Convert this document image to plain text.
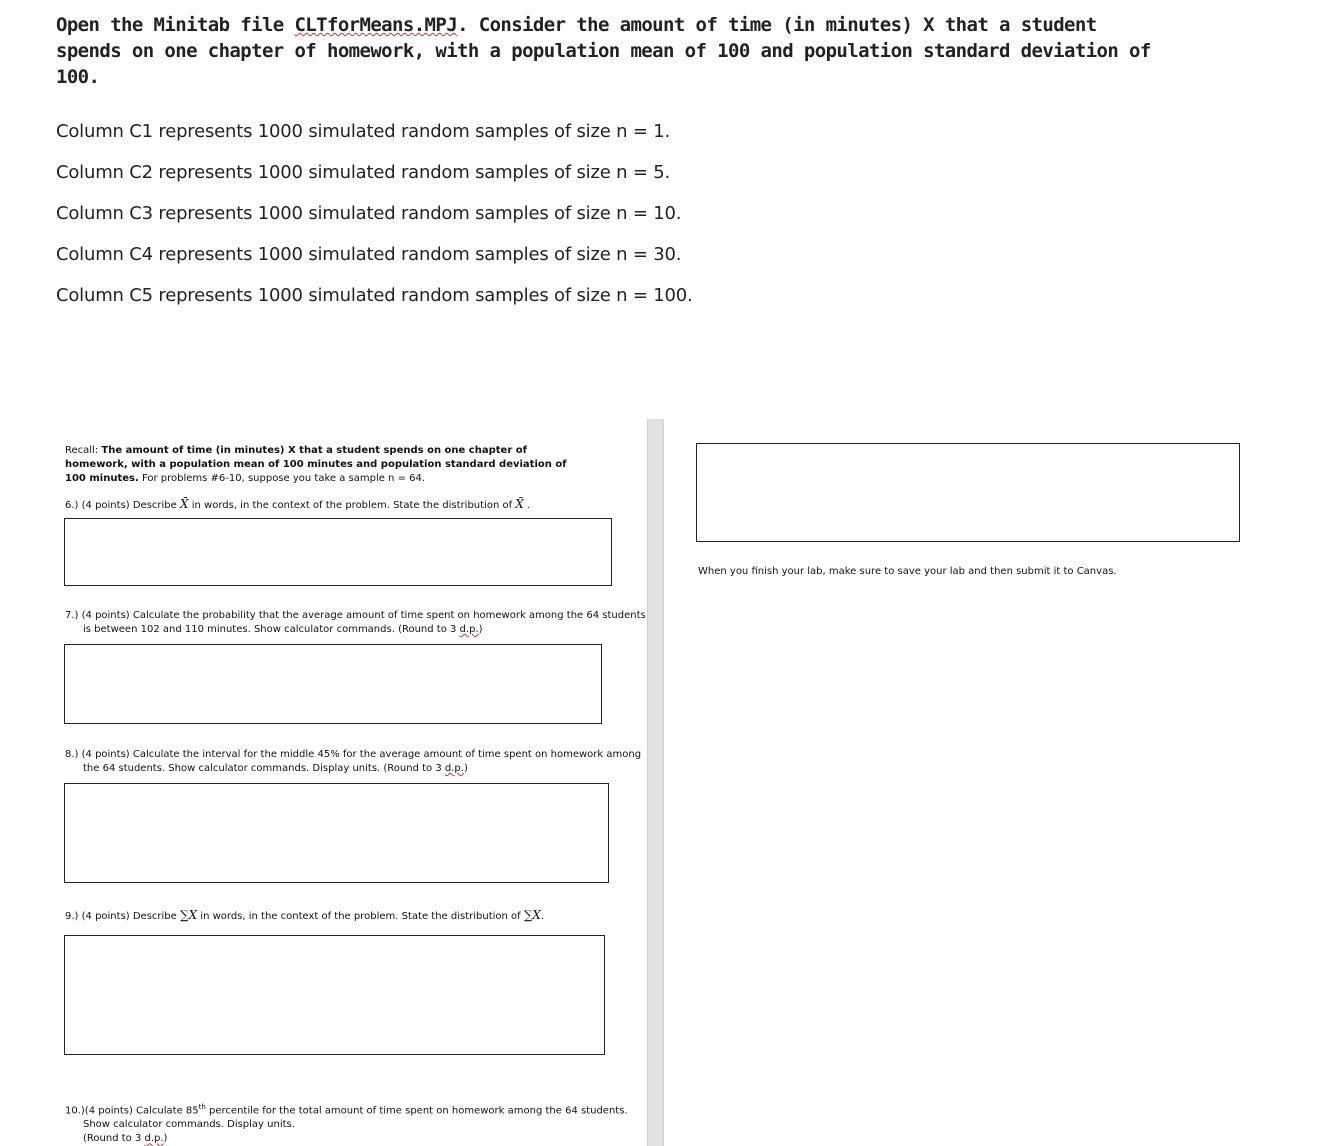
Open the Minitab file CLTforMeans.MPJ. Consider the amount of time (in minutes) X that a student spends on one chapter of homework, with a population mean of 100 and population standard deviation of 100.
Column C1 represents 1000 simulated random samples of size n = 1.
Column C2 represents 1000 simulated random samples of size n = 5.
Column C3 represents 1000 simulated random samples of size n = 10.
Column C4 represents 1000 simulated random samples of size n = 30.
Column C5 represents 1000 simulated random samples of size n = 100.
Recall: The amount of time (in minutes) X that a student spends on one chapter of homework, with a population mean of 100 minutes and population standard deviation of 100 minutes. For problems #6-10, suppose you take a sample n = 64.
6.) (4 points) Describe X̄ in words, in the context of the problem. State the distribution of X̄ .
7.) (4 points) Calculate the probability that the average amount of time spent on homework among the 64 students
is between 102 and 110 minutes. Show calculator commands. (Round to 3 d.p.)
8.) (4 points) Calculate the interval for the middle 45% for the average amount of time spent on homework among
the 64 students. Show calculator commands. Display units. (Round to 3 d.p.)
9.) (4 points) Describe ∑X in words, in the context of the problem. State the distribution of ∑X.
10.)(4 points) Calculate 85th percentile for the total amount of time spent on homework among the 64 students.
Show calculator commands. Display units.
(Round to 3 d.p.)
When you finish your lab, make sure to save your lab and then submit it to Canvas.
